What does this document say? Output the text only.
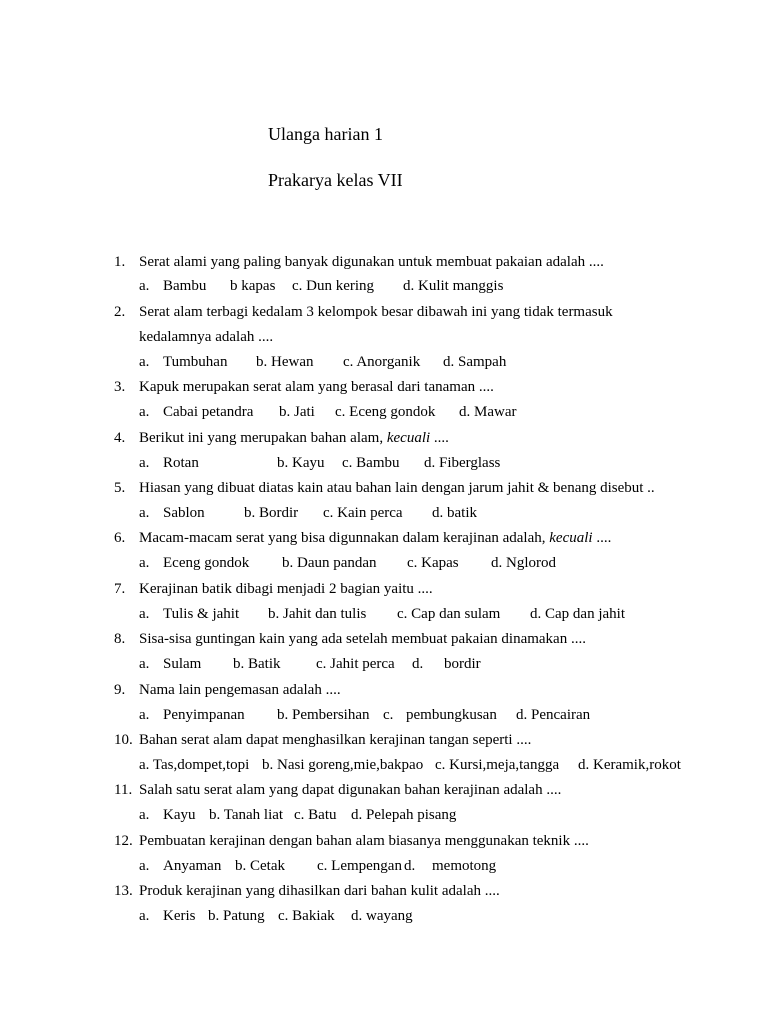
Ulanga harian 1
Prakarya kelas VII
1. Serat alami yang paling banyak digunakan untuk membuat pakaian adalah ....
a. Bambu b kapas c. Dun kering d. Kulit manggis
2. Serat alam terbagi kedalam 3 kelompok besar dibawah ini yang tidak termasuk
kedalamnya adalah ....
a. Tumbuhan b. Hewan c. Anorganik d. Sampah
3. Kapuk merupakan serat alam yang berasal dari tanaman ....
a. Cabai petandra b. Jati c. Eceng gondok d. Mawar
4. Berikut ini yang merupakan bahan alam, kecuali ....
a. Rotan	b. Kayu c. Bambu d. Fiberglass
5. Hiasan yang dibuat diatas kain atau bahan lain dengan jarum jahit & benang disebut ..
a. Sablon	b. Bordir c. Kain perca d. batik
6. Macam-macam serat yang bisa digunnakan dalam kerajinan adalah, kecuali ....
a. Eceng gondok b. Daun pandan c. Kapas d. Nglorod
7. Kerajinan batik dibagi menjadi 2 bagian yaitu ....
a. Tulis & jahit b. Jahit dan tulis c. Cap dan sulam d. Cap dan jahit
8. Sisa-sisa guntingan kain yang ada setelah membuat pakaian dinamakan ....
a. Sulam b. Batik c. Jahit perca d. bordir
9. Nama lain pengemasan adalah ....
a. Penyimpanan b. Pembersihan c. pembungkusan d. Pencairan
10. Bahan serat alam dapat menghasilkan kerajinan tangan seperti ....
a. Tas,dompet,topi b. Nasi goreng,mie,bakpao c. Kursi,meja,tangga d. Keramik,rokot
11. Salah satu serat alam yang dapat digunakan bahan kerajinan adalah ....
a. Kayu b. Tanah liat c. Batu d. Pelepah pisang
12. Pembuatan kerajinan dengan bahan alam biasanya menggunakan teknik ....
a. Anyaman b. Cetak c. Lempengan d. memotong
13. Produk kerajinan yang dihasilkan dari bahan kulit adalah ....
a. Keris b. Patung c. Bakiak d. wayang
